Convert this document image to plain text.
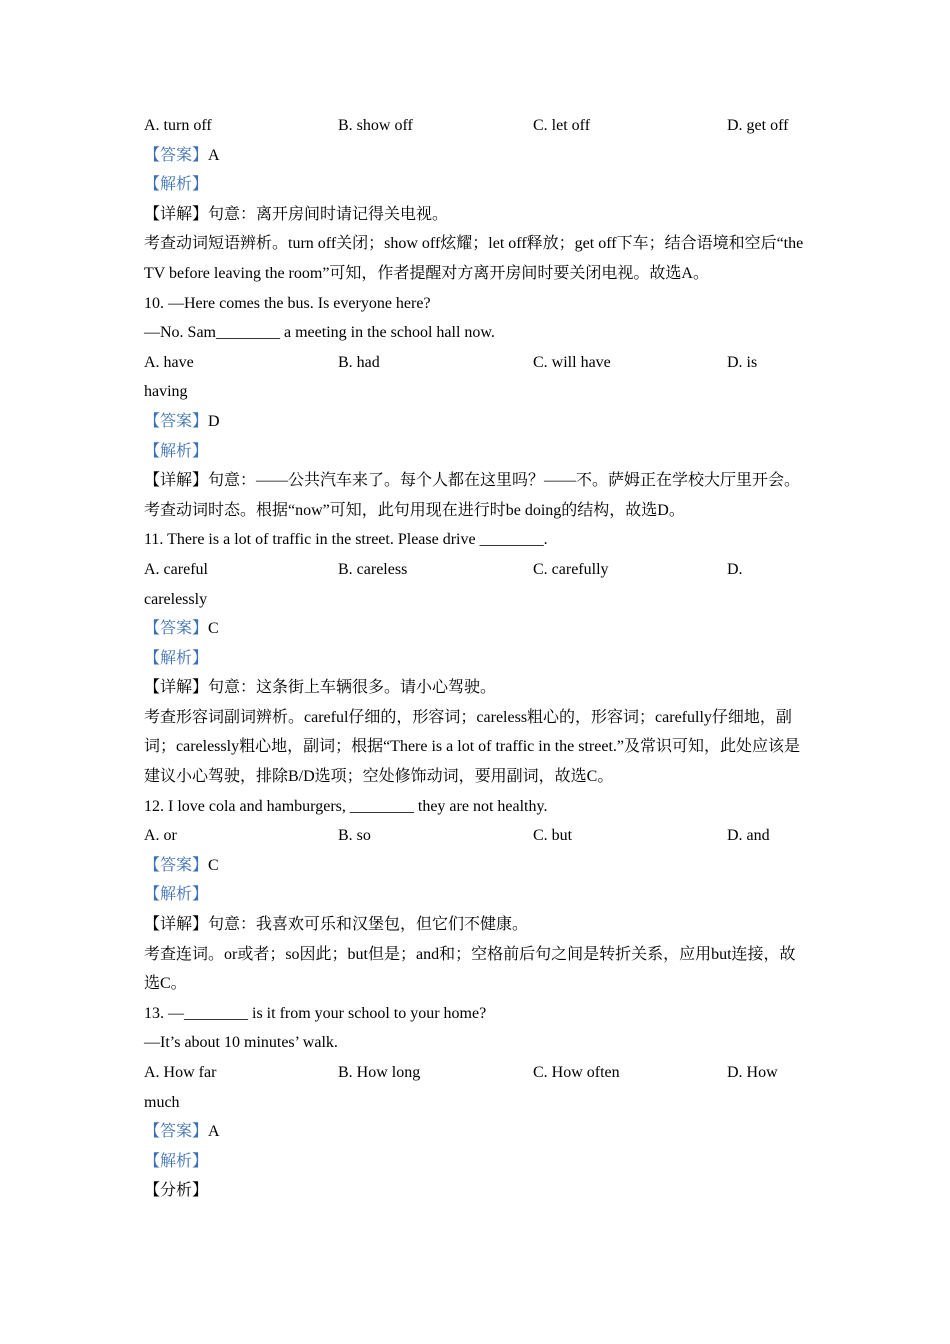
A. turn off	B. show off	C. let off	D. get off
【答案】A
【解析】
【详解】句意：离开房间时请记得关电视。
考查动词短语辨析。turn off关闭；show off炫耀；let off释放；get off下车；结合语境和空后“the TV before leaving the room”可知，作者提醒对方离开房间时要关闭电视。故选A。
10. —Here comes the bus. Is everyone here?
—No. Sam________ a meeting in the school hall now.
A. have	B. had	C. will have	D. is
having
【答案】D
【解析】
【详解】句意：——公共汽车来了。每个人都在这里吗？——不。萨姆正在学校大厅里开会。
考查动词时态。根据“now”可知，此句用现在进行时be doing的结构，故选D。
11. There is a lot of traffic in the street. Please drive ________.
A. careful	B. careless	C. carefully	D.
carelessly
【答案】C
【解析】
【详解】句意：这条街上车辆很多。请小心驾驶。
考查形容词副词辨析。careful仔细的，形容词；careless粗心的，形容词；carefully仔细地，副词；carelessly粗心地，副词；根据“There is a lot of traffic in the street.”及常识可知，此处应该是建议小心驾驶，排除B/D选项；空处修饰动词，要用副词，故选C。
12. I love cola and hamburgers, ________ they are not healthy.
A. or	B. so	C. but	D. and
【答案】C
【解析】
【详解】句意：我喜欢可乐和汉堡包，但它们不健康。
考查连词。or或者；so因此；but但是；and和；空格前后句之间是转折关系，应用but连接，故选C。
13. —________ is it from your school to your home?
—It’s about 10 minutes’ walk.
A. How far	B. How long	C. How often	D. How
much
【答案】A
【解析】
【分析】
